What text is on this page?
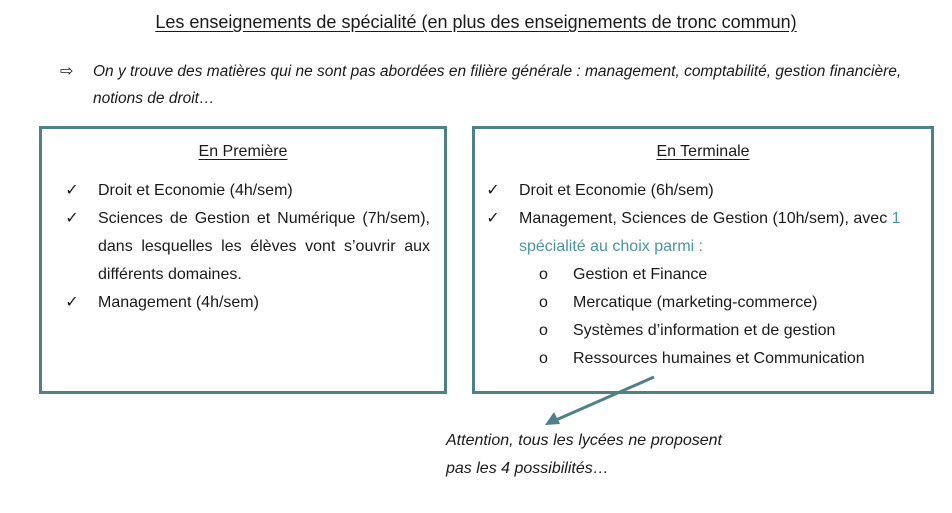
Les enseignements de spécialité (en plus des enseignements de tronc commun)
⇨ On y trouve des matières qui ne sont pas abordées en filière générale : management, comptabilité, gestion financière, notions de droit…
En Première
✓ Droit et Economie (4h/sem)
✓ Sciences de Gestion et Numérique (7h/sem), dans lesquelles les élèves vont s’ouvrir aux différents domaines.
✓ Management (4h/sem)
En Terminale
✓ Droit et Economie (6h/sem)
✓ Management, Sciences de Gestion (10h/sem), avec 1 spécialité au choix parmi :
o Gestion et Finance
o Mercatique (marketing-commerce)
o Systèmes d’information et de gestion
o Ressources humaines et Communication
Attention, tous les lycées ne proposent pas les 4 possibilités…
